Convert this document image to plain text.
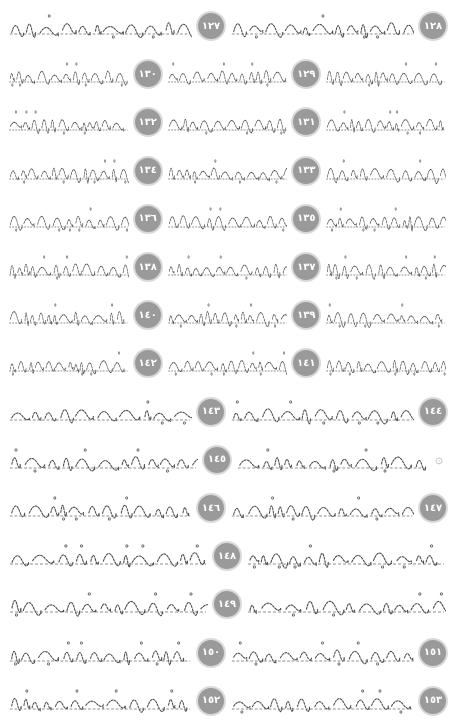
١٢٨
١٢٧
١٢٩
١٣٠
١٣١
١٣٢
١٣٣
١٣٤
١٣٥
١٣٦
١٣٧
١٣٨
١٣٩
١٤٠
١٤١
١٤٢
١٤٤
١٤٣
۞
١٤٥
١٤٧
١٤٦
١٤٨
١٤٩
١٥١
١٥٠
١٥٣
١٥٢
